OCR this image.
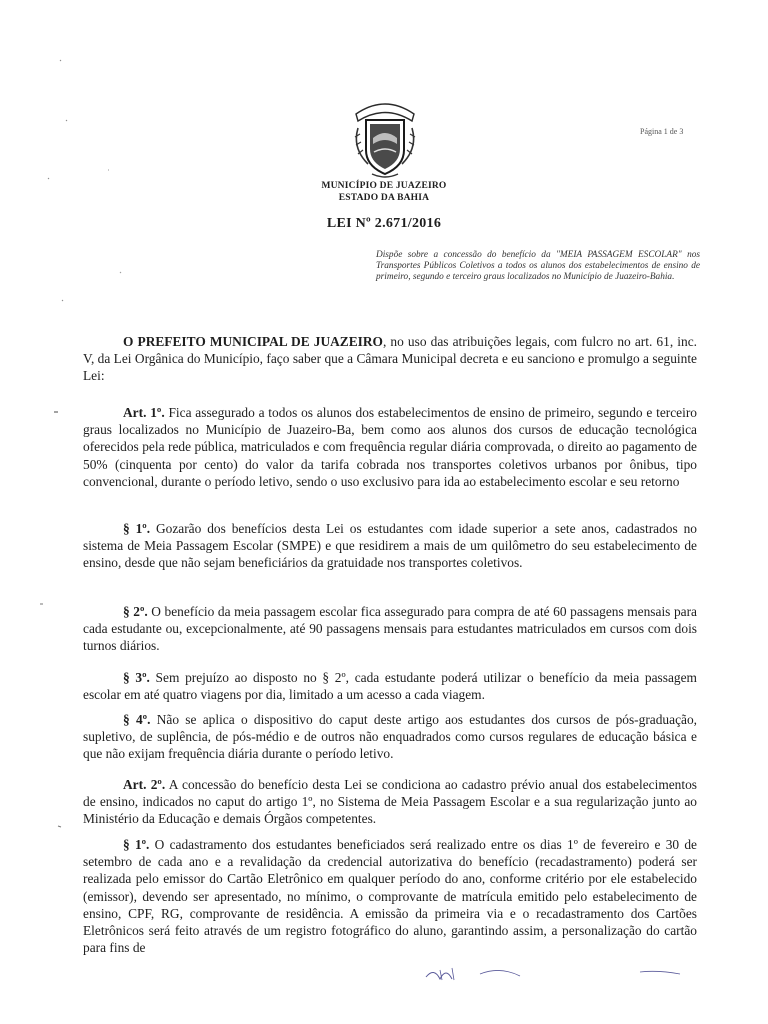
Página 1 de 3
MUNICÍPIO DE JUAZEIRO
ESTADO DA BAHIA
LEI Nº 2.671/2016
Dispõe sobre a concessão do benefício da "MEIA PASSAGEM ESCOLAR" nos Transportes Públicos Coletivos a todos os alunos dos estabelecimentos de ensino de primeiro, segundo e terceiro graus localizados no Município de Juazeiro-Bahia.

O PREFEITO MUNICIPAL DE JUAZEIRO, no uso das atribuições legais, com fulcro no art. 61, inc. V, da Lei Orgânica do Município, faço saber que a Câmara Municipal decreta e eu sanciono e promulgo a seguinte Lei:

Art. 1º. Fica assegurado a todos os alunos dos estabelecimentos de ensino de primeiro, segundo e terceiro graus localizados no Município de Juazeiro-Ba, bem como aos alunos dos cursos de educação tecnológica oferecidos pela rede pública, matriculados e com frequência regular diária comprovada, o direito ao pagamento de 50% (cinquenta por cento) do valor da tarifa cobrada nos transportes coletivos urbanos por ônibus, tipo convencional, durante o período letivo, sendo o uso exclusivo para ida ao estabelecimento escolar e seu retorno

§ 1º. Gozarão dos benefícios desta Lei os estudantes com idade superior a sete anos, cadastrados no sistema de Meia Passagem Escolar (SMPE) e que residirem a mais de um quilômetro do seu estabelecimento de ensino, desde que não sejam beneficiários da gratuidade nos transportes coletivos.

§ 2º. O benefício da meia passagem escolar fica assegurado para compra de até 60 passagens mensais para cada estudante ou, excepcionalmente, até 90 passagens mensais para estudantes matriculados em cursos com dois turnos diários.

§ 3º. Sem prejuízo ao disposto no § 2º, cada estudante poderá utilizar o benefício da meia passagem escolar em até quatro viagens por dia, limitado a um acesso a cada viagem.

§ 4º. Não se aplica o dispositivo do caput deste artigo aos estudantes dos cursos de pós-graduação, supletivo, de suplência, de pós-médio e de outros não enquadrados como cursos regulares de educação básica e que não exijam frequência diária durante o período letivo.

Art. 2º. A concessão do benefício desta Lei se condiciona ao cadastro prévio anual dos estabelecimentos de ensino, indicados no caput do artigo 1º, no Sistema de Meia Passagem Escolar e a sua regularização junto ao Ministério da Educação e demais Órgãos competentes.

§ 1º. O cadastramento dos estudantes beneficiados será realizado entre os dias 1º de fevereiro e 30 de setembro de cada ano e a revalidação da credencial autorizativa do benefício (recadastramento) poderá ser realizada pelo emissor do Cartão Eletrônico em qualquer período do ano, conforme critério por ele estabelecido (emissor), devendo ser apresentado, no mínimo, o comprovante de matrícula emitido pelo estabelecimento de ensino, CPF, RG, comprovante de residência. A emissão da primeira via e o recadastramento dos Cartões Eletrônicos será feito através de um registro fotográfico do aluno, garantindo assim, a personalização do cartão para fins de
